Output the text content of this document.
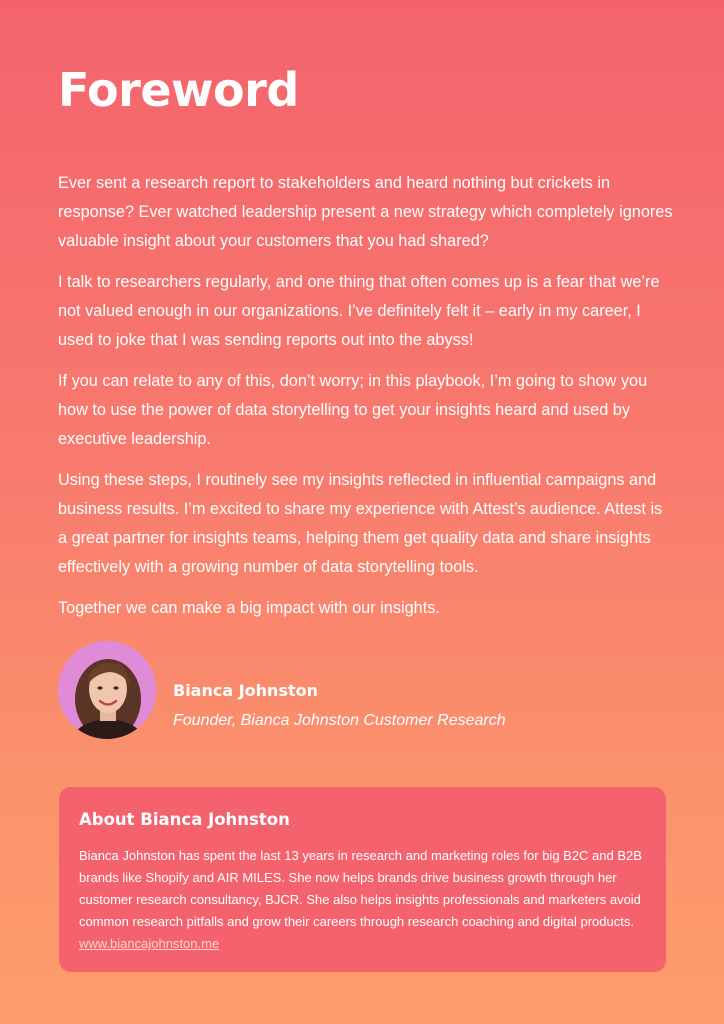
Foreword

Ever sent a research report to stakeholders and heard nothing but crickets in response? Ever watched leadership present a new strategy which completely ignores valuable insight about your customers that you had shared?

I talk to researchers regularly, and one thing that often comes up is a fear that we’re not valued enough in our organizations. I’ve definitely felt it – early in my career, I used to joke that I was sending reports out into the abyss!

If you can relate to any of this, don’t worry; in this playbook, I’m going to show you how to use the power of data storytelling to get your insights heard and used by executive leadership.

Using these steps, I routinely see my insights reflected in influential campaigns and business results. I’m excited to share my experience with Attest’s audience. Attest is a great partner for insights teams, helping them get quality data and share insights effectively with a growing number of data storytelling tools.

Together we can make a big impact with our insights.

Bianca Johnston
Founder, Bianca Johnston Customer Research
About Bianca Johnston

Bianca Johnston has spent the last 13 years in research and marketing roles for big B2C and B2B brands like Shopify and AIR MILES. She now helps brands drive business growth through her customer research consultancy, BJCR. She also helps insights professionals and marketers avoid common research pitfalls and grow their careers through research coaching and digital products. www.biancajohnston.me
